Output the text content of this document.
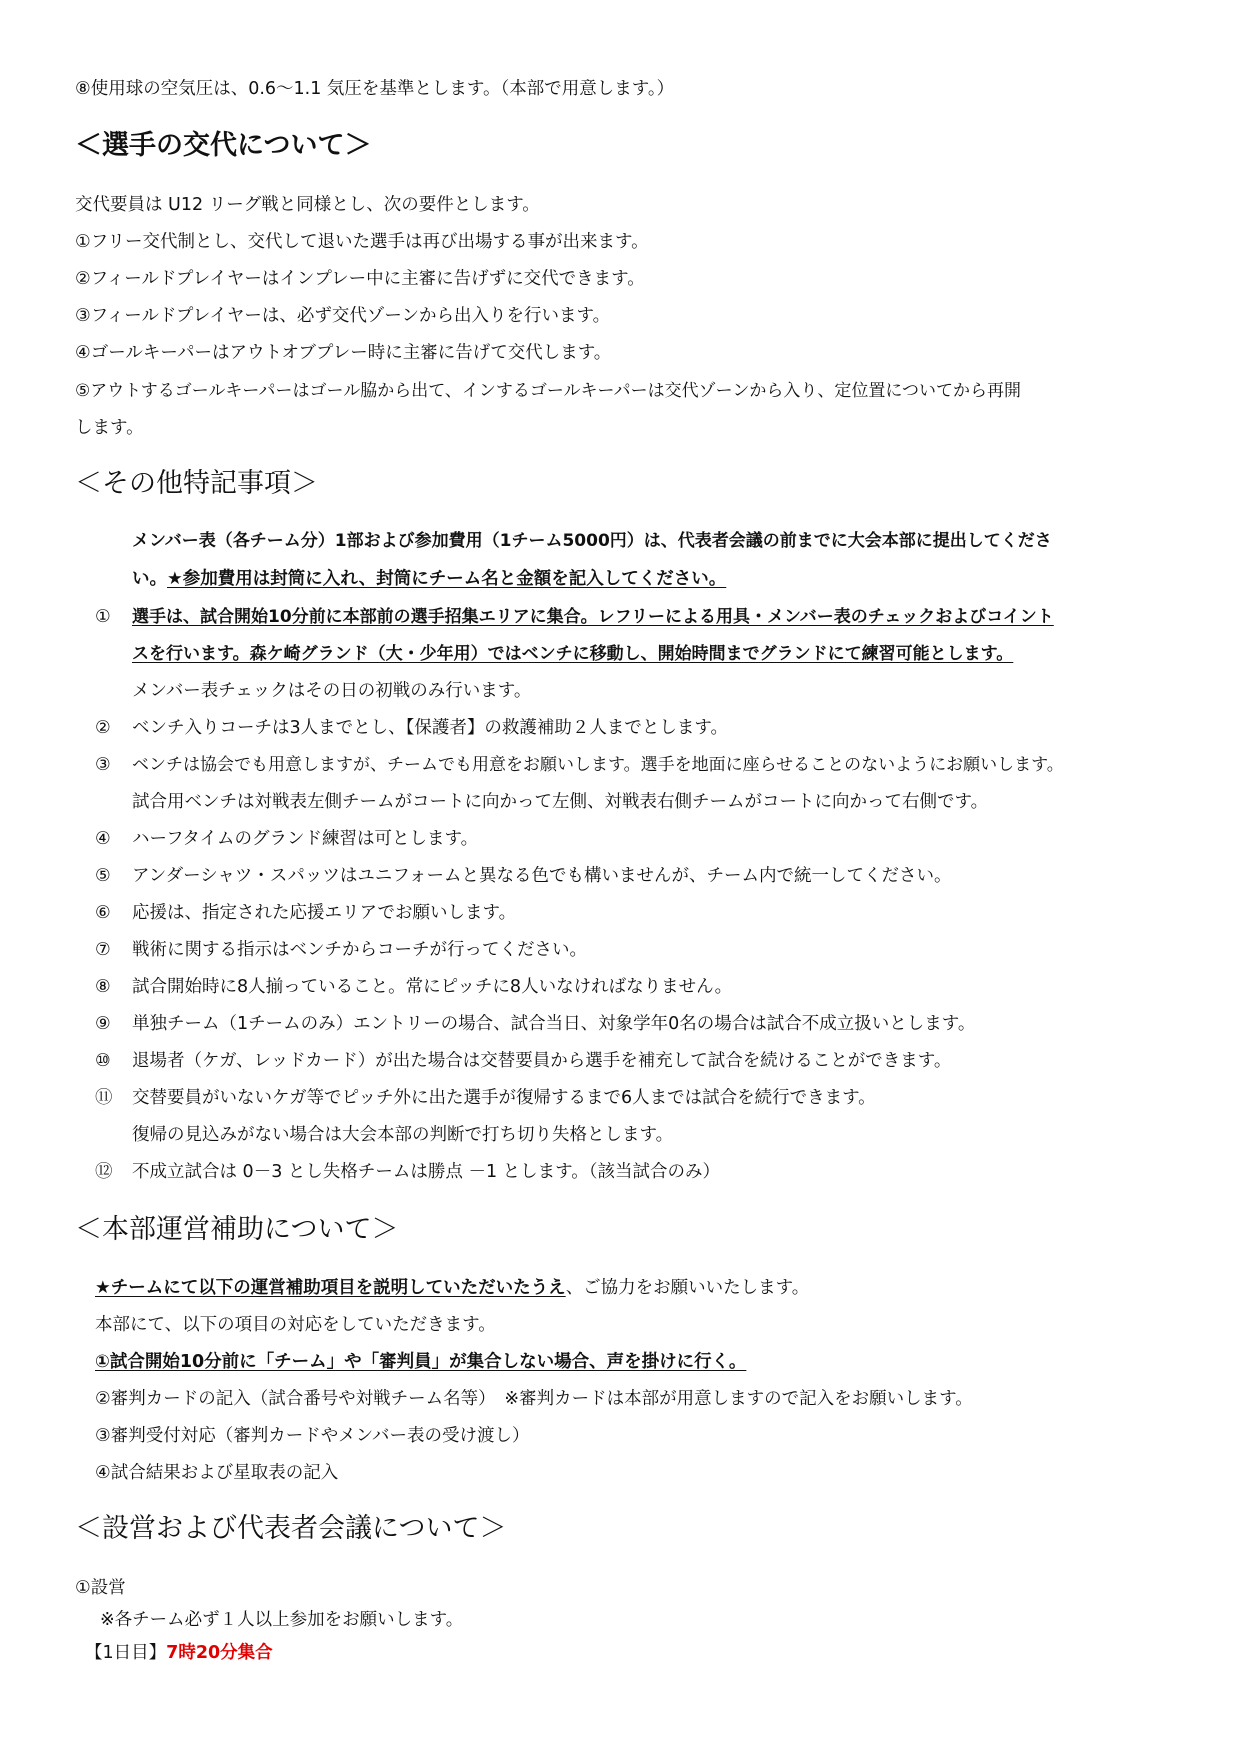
⑧使用球の空気圧は、0.6～1.1 気圧を基準とします。（本部で用意します。）
＜選手の交代について＞
交代要員は U12 リーグ戦と同様とし、次の要件とします。
①フリー交代制とし、交代して退いた選手は再び出場する事が出来ます。
②フィールドプレイヤーはインプレー中に主審に告げずに交代できます。
③フィールドプレイヤーは、必ず交代ゾーンから出入りを行います。
④ゴールキーパーはアウトオブプレー時に主審に告げて交代します。
⑤アウトするゴールキーパーはゴール脇から出て、インするゴールキーパーは交代ゾーンから入り、定位置についてから再開
します。
＜その他特記事項＞
メンバー表（各チーム分）1部および参加費用（1チーム5000円）は、代表者会議の前までに大会本部に提出してくださ
い。★参加費用は封筒に入れ、封筒にチーム名と金額を記入してください。
①	選手は、試合開始10分前に本部前の選手招集エリアに集合。レフリーによる用具・メンバー表のチェックおよびコイント
スを行います。森ケ崎グランド（大・少年用）ではベンチに移動し、開始時間までグランドにて練習可能とします。
メンバー表チェックはその日の初戦のみ行います。
②	ベンチ入りコーチは3人までとし、【保護者】の救護補助２人までとします。
③	ベンチは協会でも用意しますが、チームでも用意をお願いします。選手を地面に座らせることのないようにお願いします。
試合用ベンチは対戦表左側チームがコートに向かって左側、対戦表右側チームがコートに向かって右側です。
④	ハーフタイムのグランド練習は可とします。
⑤	アンダーシャツ・スパッツはユニフォームと異なる色でも構いませんが、チーム内で統一してください。
⑥	応援は、指定された応援エリアでお願いします。
⑦	戦術に関する指示はベンチからコーチが行ってください。
⑧	試合開始時に8人揃っていること。常にピッチに8人いなければなりません。
⑨	単独チーム（1チームのみ）エントリーの場合、試合当日、対象学年0名の場合は試合不成立扱いとします。
⑩	退場者（ケガ、レッドカード）が出た場合は交替要員から選手を補充して試合を続けることができます。
⑪	交替要員がいないケガ等でピッチ外に出た選手が復帰するまで6人までは試合を続行できます。
復帰の見込みがない場合は大会本部の判断で打ち切り失格とします。
⑫	不成立試合は 0－3 とし失格チームは勝点 －1 とします。（該当試合のみ）
＜本部運営補助について＞
★チームにて以下の運営補助項目を説明していただいたうえ、ご協力をお願いいたします。
本部にて、以下の項目の対応をしていただきます。
①試合開始10分前に「チーム」や「審判員」が集合しない場合、声を掛けに行く。
②審判カードの記入（試合番号や対戦チーム名等）　※審判カードは本部が用意しますので記入をお願いします。
③審判受付対応（審判カードやメンバー表の受け渡し）
④試合結果および星取表の記入
＜設営および代表者会議について＞
①設営
※各チーム必ず１人以上参加をお願いします。
【1日目】7時20分集合
